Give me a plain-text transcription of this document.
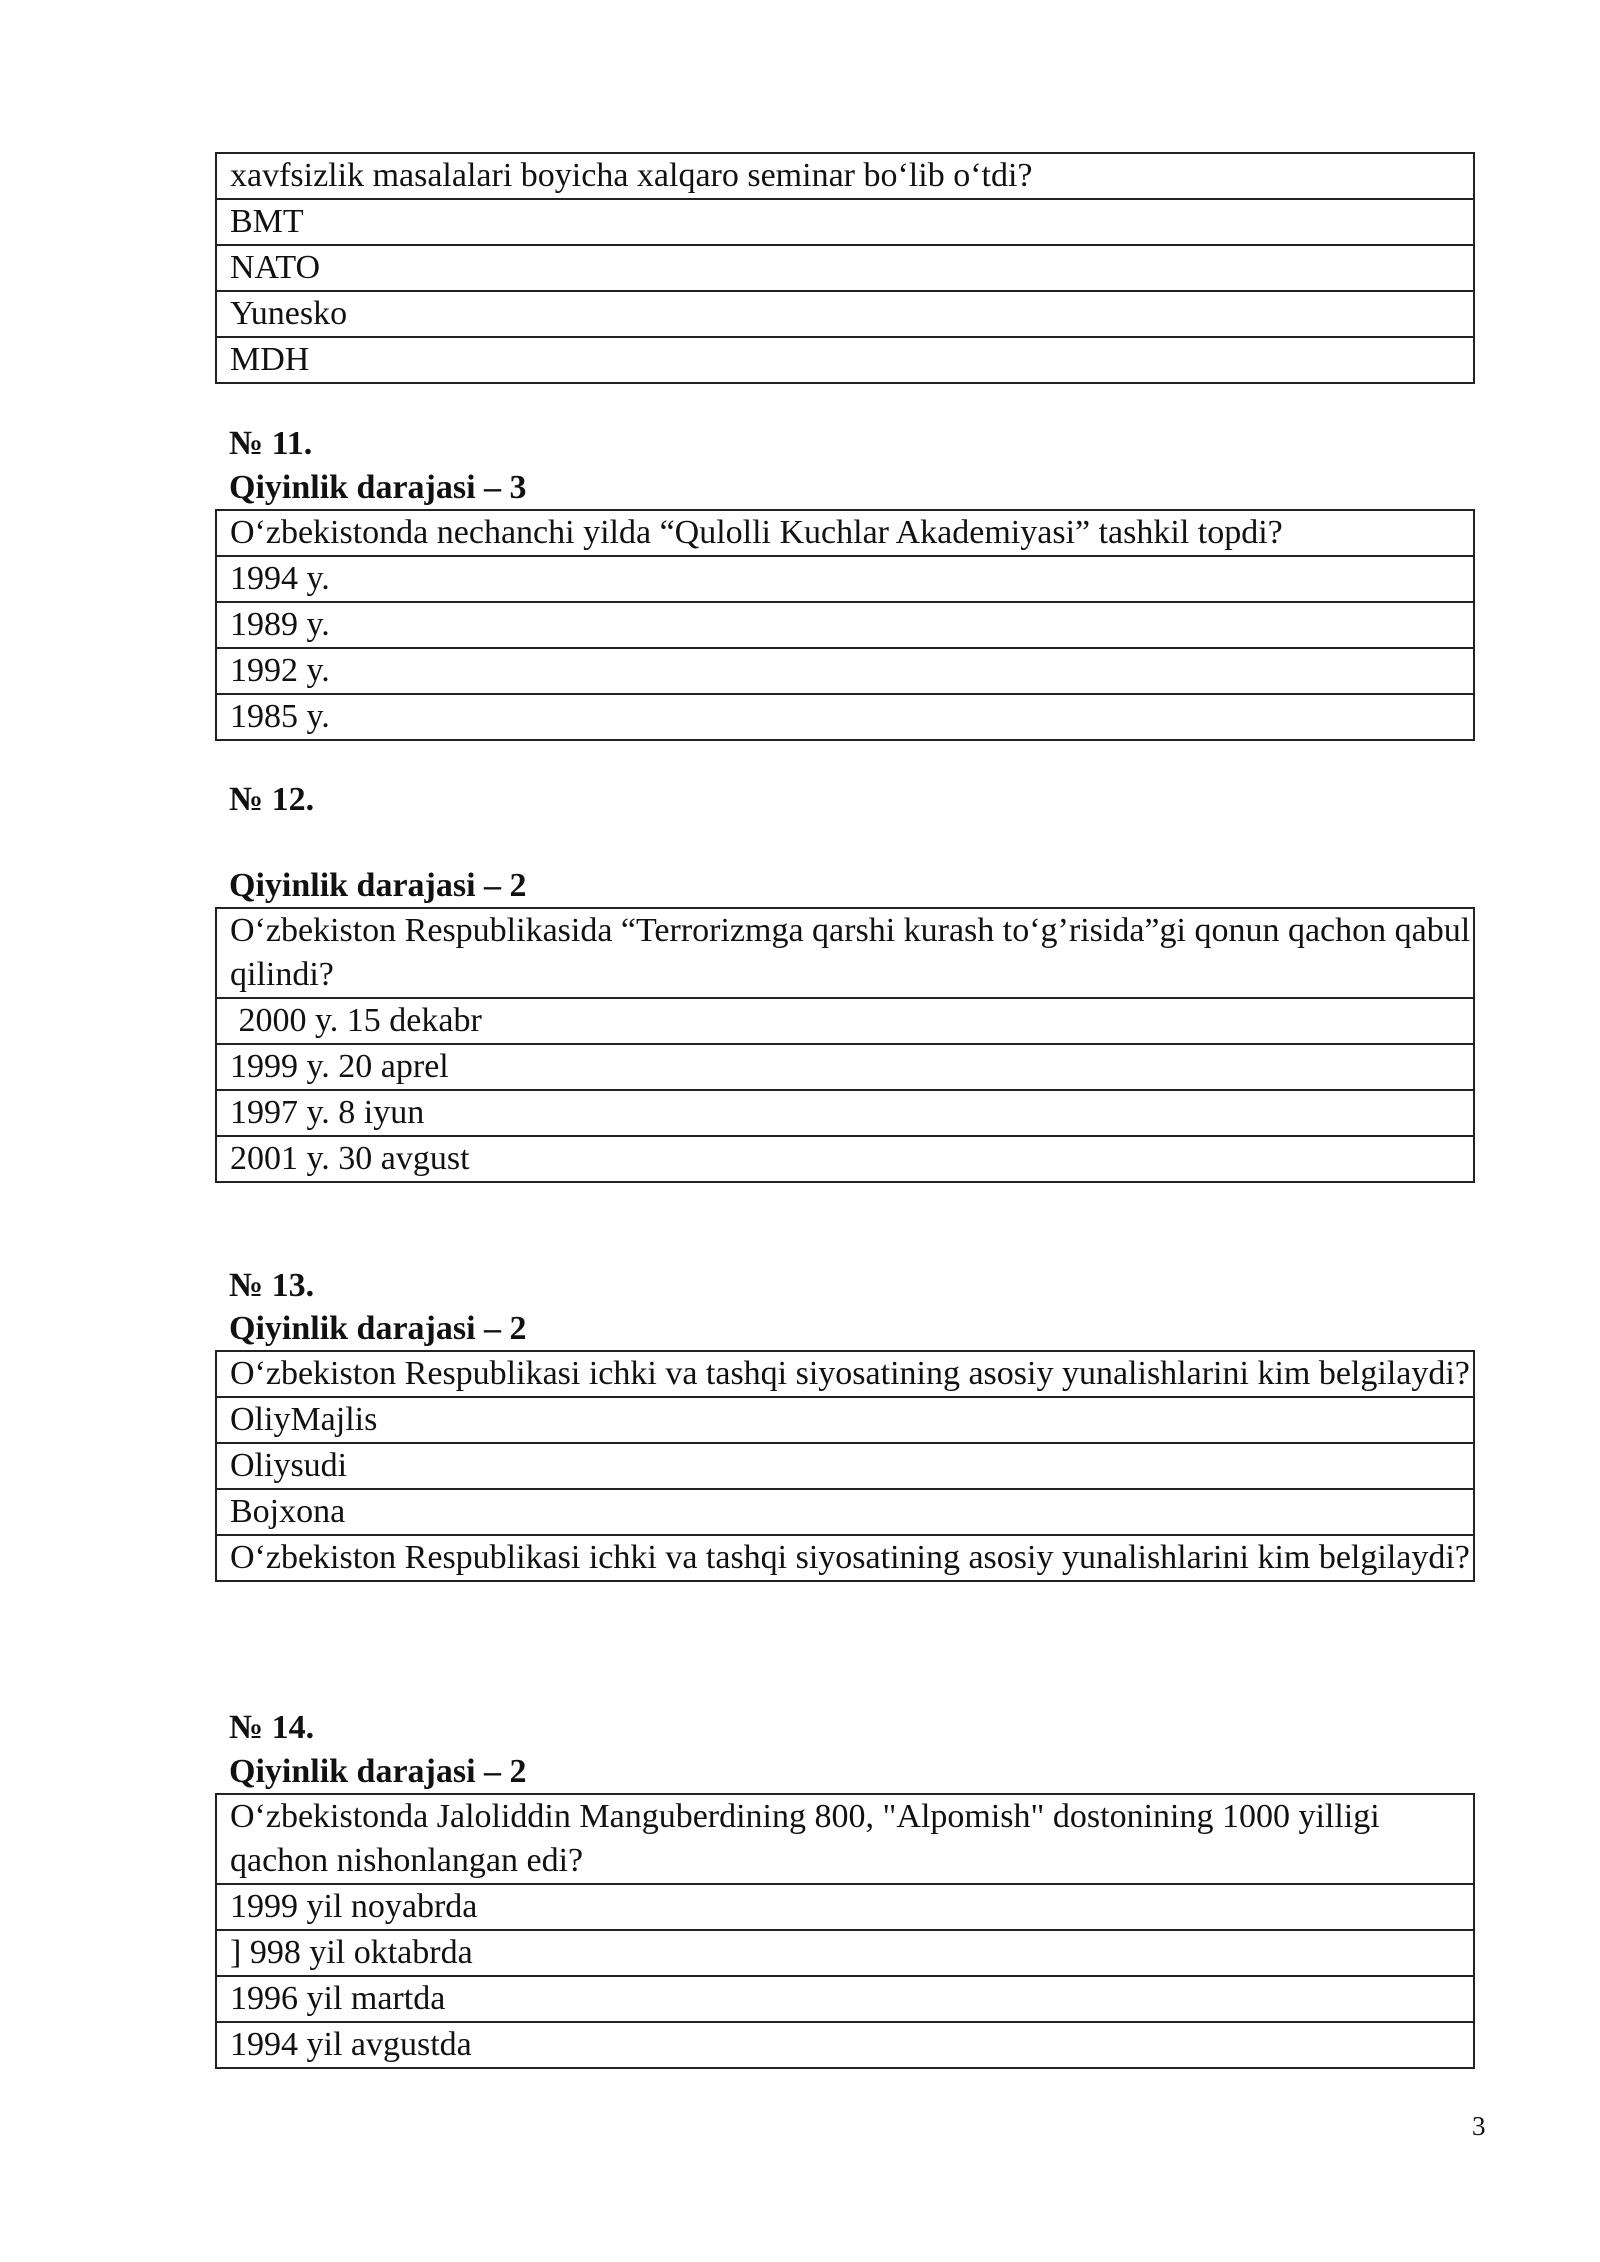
xavfsizlik masalalari boyicha xalqaro seminar bo‘lib o‘tdi?
BMT
NATO
Yunesko
MDH
№ 11.
Qiyinlik darajasi – 3
O‘zbekistonda nechanchi yilda “Qulolli Kuchlar Akademiyasi” tashkil topdi?
1994 y.
1989 y.
1992 y.
1985 y.
№ 12.
Qiyinlik darajasi – 2
O‘zbekiston Respublikasida “Terrorizmga qarshi kurash to‘g’risida”gi qonun qachon qabul qilindi?
2000 y. 15 dekabr
1999 y. 20 aprel
1997 y. 8 iyun
2001 y. 30 avgust
№ 13.
Qiyinlik darajasi – 2
O‘zbekiston Respublikasi ichki va tashqi siyosatining asosiy yunalishlarini kim belgilaydi?
OliyMajlis
Oliysudi
Bojxona
O‘zbekiston Respublikasi ichki va tashqi siyosatining asosiy yunalishlarini kim belgilaydi?
№ 14.
Qiyinlik darajasi – 2
O‘zbekistonda Jaloliddin Manguberdining 800, "Alpomish" dostonining 1000 yilligi qachon nishonlangan edi?
1999 yil noyabrda
] 998 yil oktabrda
1996 yil martda
1994 yil avgustda
3
